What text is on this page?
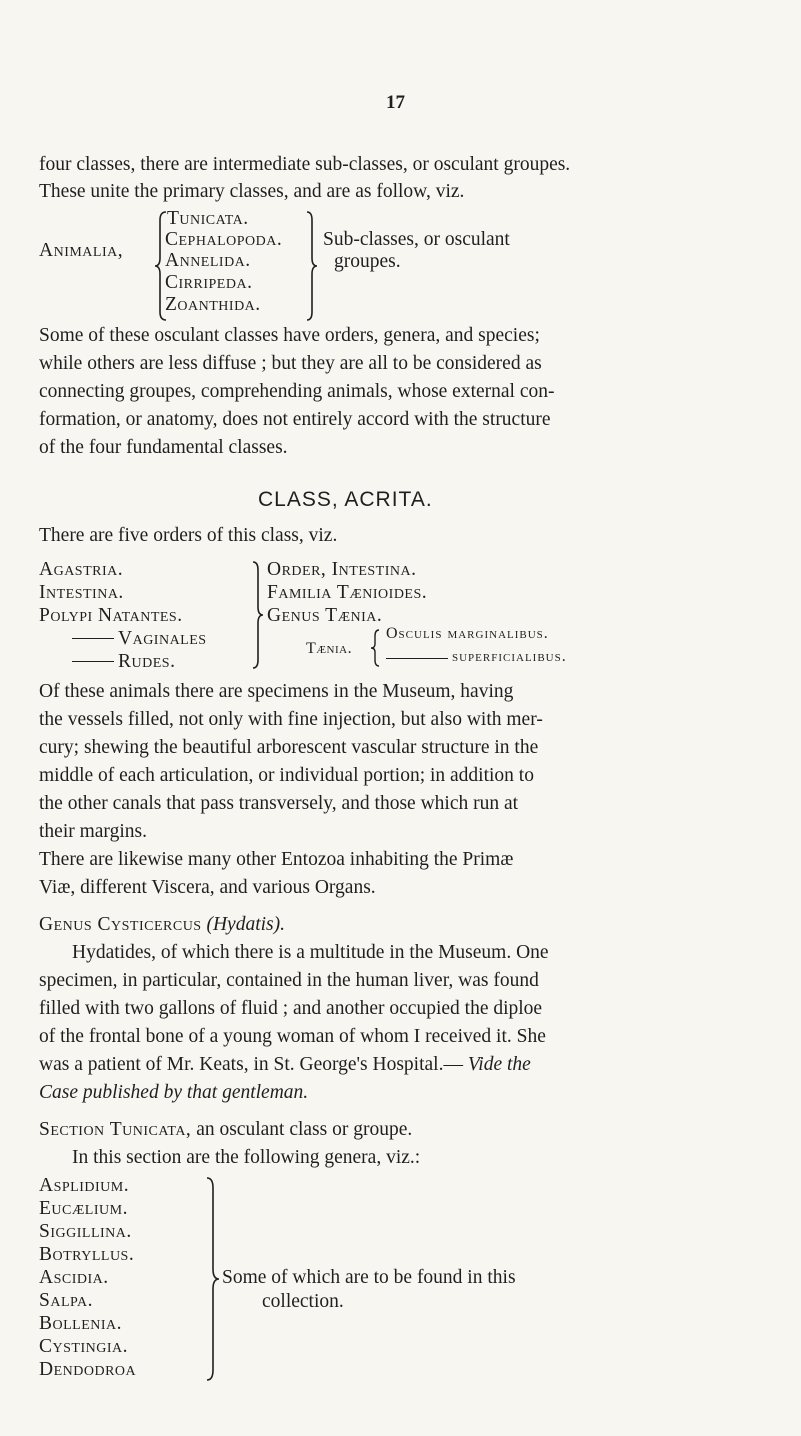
17
four classes, there are intermediate sub-classes, or osculant groupes.
These unite the primary classes, and are as follow, viz.
Animalia,
Tunicata.
Cephalopoda.
Annelida.
Cirripeda.
Zoanthida.
Sub-classes, or osculant
groupes.
Some of these osculant classes have orders, genera, and species;
while others are less diffuse ; but they are all to be considered as
connecting groupes, comprehending animals, whose external con-
formation, or anatomy, does not entirely accord with the structure
of the four fundamental classes.
CLASS, ACRITA.
There are five orders of this class, viz.
Agastria.
Intestina.
Polypi Natantes.
Vaginales
Rudes.
Order, Intestina.
Familia Tænioides.
Genus Tænia.
Tænia.
Osculis marginalibus.
superficialibus.
Of these animals there are specimens in the Museum, having
the vessels filled, not only with fine injection, but also with mer-
cury; shewing the beautiful arborescent vascular structure in the
middle of each articulation, or individual portion; in addition to
the other canals that pass transversely, and those which run at
their margins.
There are likewise many other Entozoa inhabiting the Primæ
Viæ, different Viscera, and various Organs.
Genus Cysticercus (Hydatis).
Hydatides, of which there is a multitude in the Museum. One
specimen, in particular, contained in the human liver, was found
filled with two gallons of fluid ; and another occupied the diploe
of the frontal bone of a young woman of whom I received it. She
was a patient of Mr. Keats, in St. George's Hospital.— Vide the
Case published by that gentleman.
Section Tunicata, an osculant class or groupe.
In this section are the following genera, viz.:
Asplidium.
Eucælium.
Siggillina.
Botryllus.
Ascidia.
Salpa.
Bollenia.
Cystingia.
Dendodroa
Some of which are to be found in this
collection.
